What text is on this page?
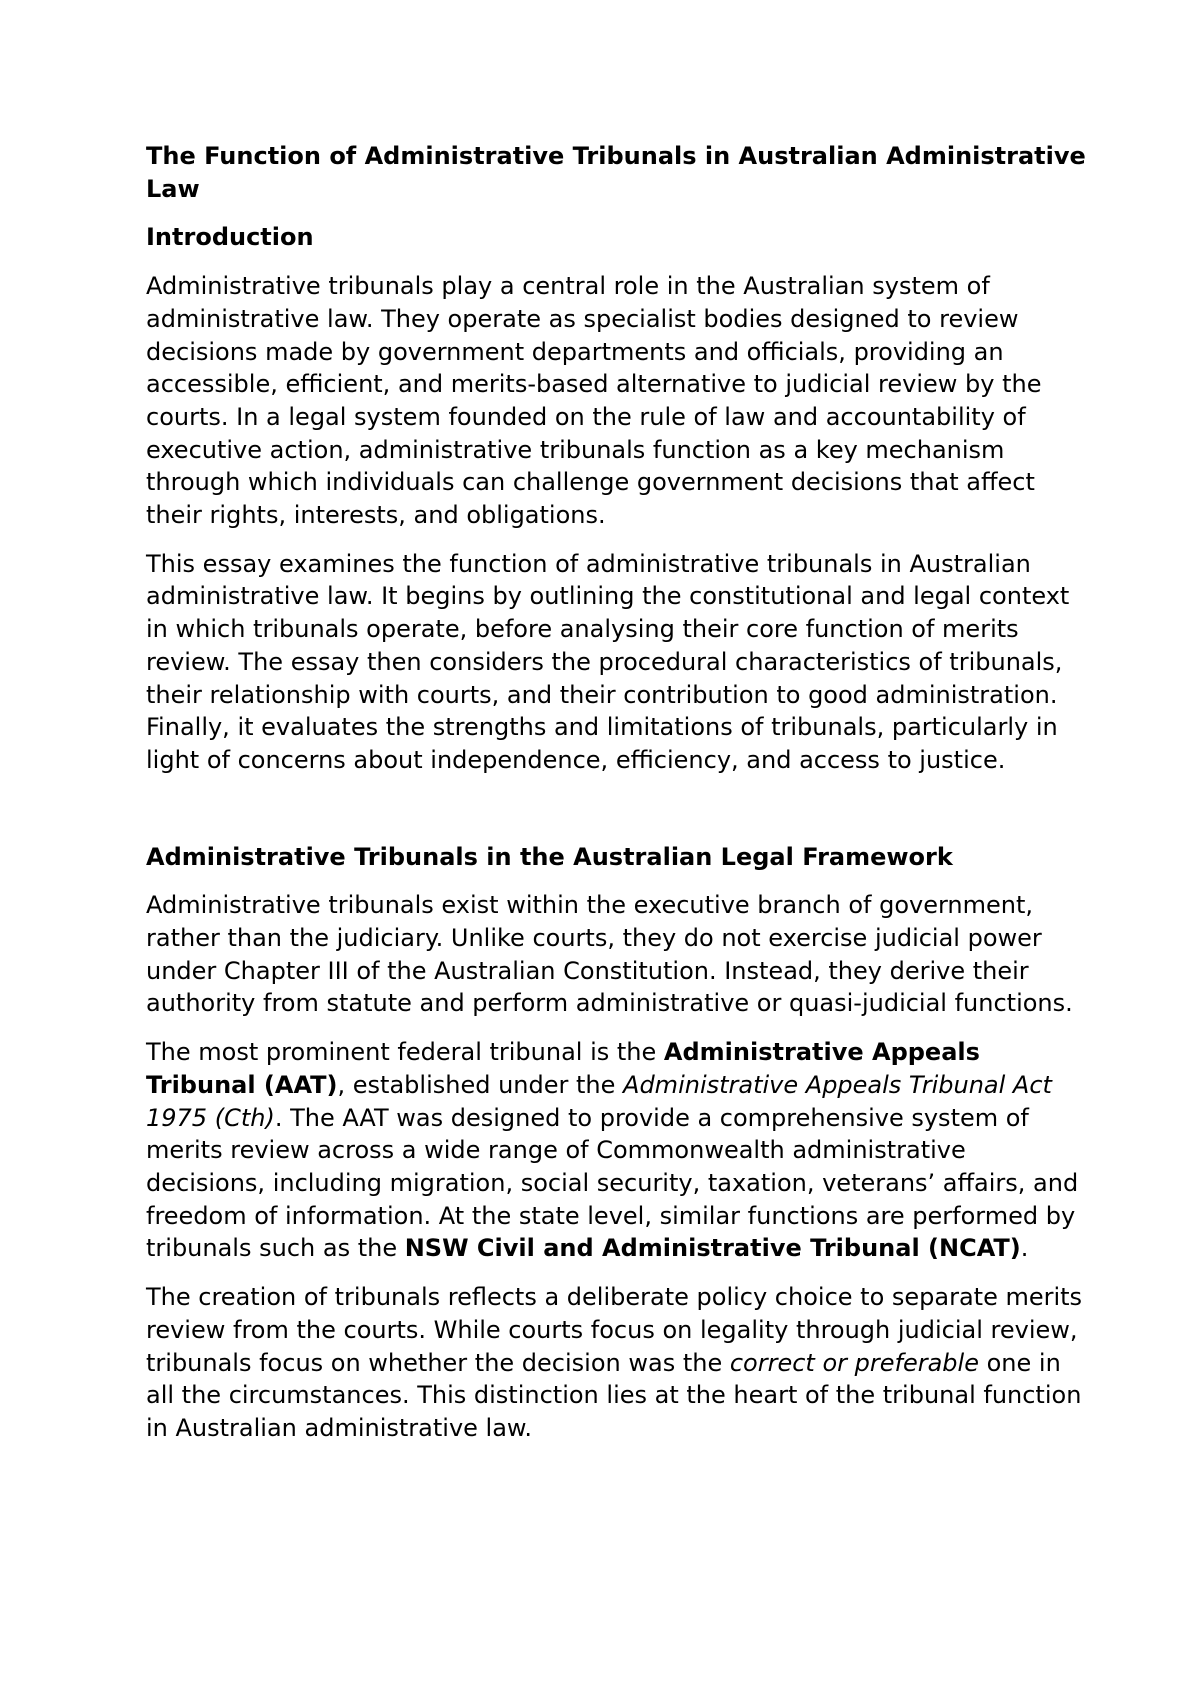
The Function of Administrative Tribunals in Australian Administrative Law
Introduction

Administrative tribunals play a central role in the Australian system of administrative law. They operate as specialist bodies designed to review decisions made by government departments and officials, providing an accessible, efficient, and merits-based alternative to judicial review by the courts. In a legal system founded on the rule of law and accountability of executive action, administrative tribunals function as a key mechanism through which individuals can challenge government decisions that affect their rights, interests, and obligations.

This essay examines the function of administrative tribunals in Australian administrative law. It begins by outlining the constitutional and legal context in which tribunals operate, before analysing their core function of merits review. The essay then considers the procedural characteristics of tribunals, their relationship with courts, and their contribution to good administration. Finally, it evaluates the strengths and limitations of tribunals, particularly in light of concerns about independence, efficiency, and access to justice.

Administrative Tribunals in the Australian Legal Framework

Administrative tribunals exist within the executive branch of government, rather than the judiciary. Unlike courts, they do not exercise judicial power under Chapter III of the Australian Constitution. Instead, they derive their authority from statute and perform administrative or quasi-judicial functions.

The most prominent federal tribunal is the Administrative Appeals Tribunal (AAT), established under the Administrative Appeals Tribunal Act 1975 (Cth). The AAT was designed to provide a comprehensive system of merits review across a wide range of Commonwealth administrative decisions, including migration, social security, taxation, veterans’ affairs, and freedom of information. At the state level, similar functions are performed by tribunals such as the NSW Civil and Administrative Tribunal (NCAT).

The creation of tribunals reflects a deliberate policy choice to separate merits review from the courts. While courts focus on legality through judicial review, tribunals focus on whether the decision was the correct or preferable one in all the circumstances. This distinction lies at the heart of the tribunal function in Australian administrative law.
